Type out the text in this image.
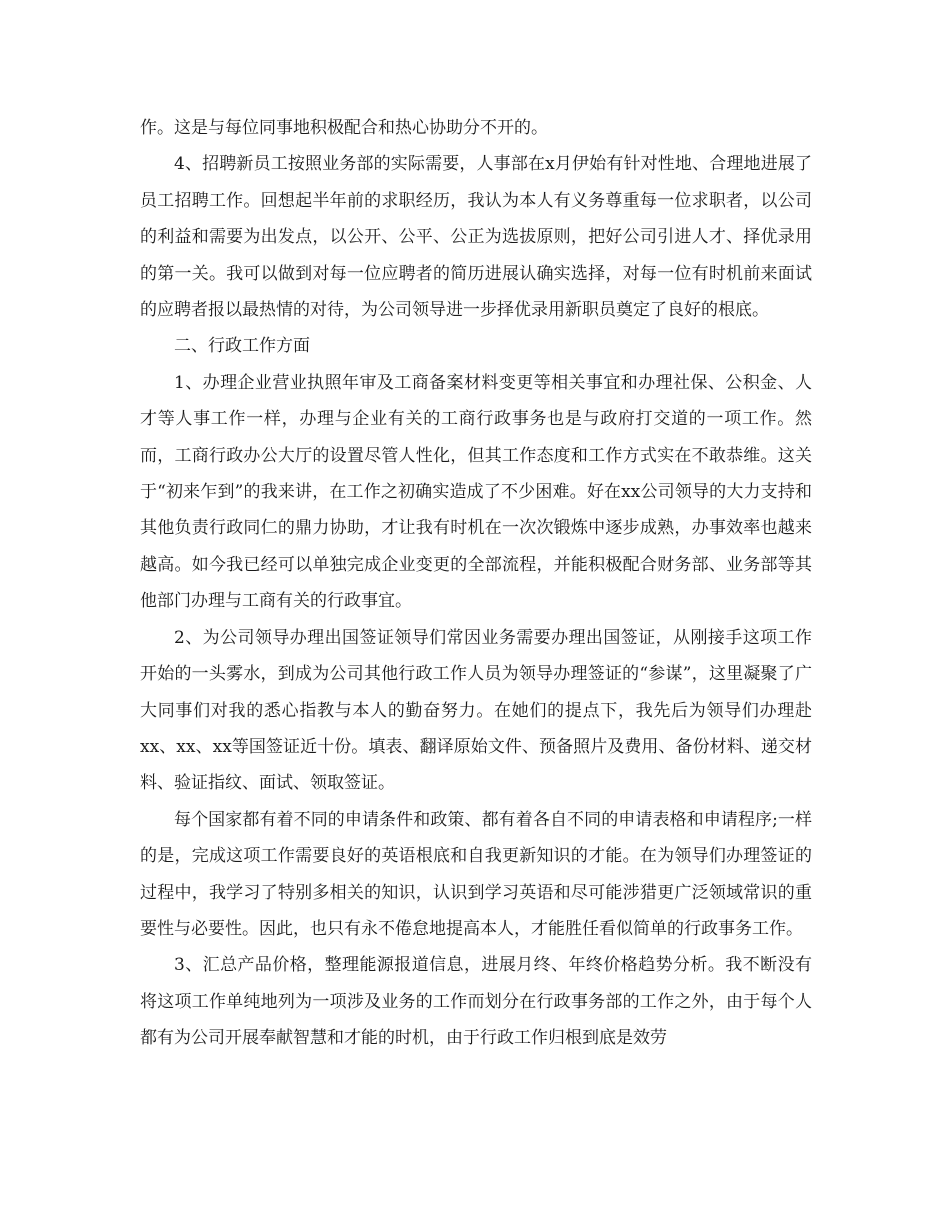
作。这是与每位同事地积极配合和热心协助分不开的。

4、招聘新员工按照业务部的实际需要，人事部在x月伊始有针对性地、合理地进展了员工招聘工作。回想起半年前的求职经历，我认为本人有义务尊重每一位求职者，以公司的利益和需要为出发点，以公开、公平、公正为选拔原则，把好公司引进人才、择优录用的第一关。我可以做到对每一位应聘者的简历进展认确实选择，对每一位有时机前来面试的应聘者报以最热情的对待，为公司领导进一步择优录用新职员奠定了良好的根底。

二、行政工作方面

1、办理企业营业执照年审及工商备案材料变更等相关事宜和办理社保、公积金、人才等人事工作一样，办理与企业有关的工商行政事务也是与政府打交道的一项工作。然而，工商行政办公大厅的设置尽管人性化，但其工作态度和工作方式实在不敢恭维。这关于“初来乍到”的我来讲，在工作之初确实造成了不少困难。好在xx公司领导的大力支持和其他负责行政同仁的鼎力协助，才让我有时机在一次次锻炼中逐步成熟，办事效率也越来越高。如今我已经可以单独完成企业变更的全部流程，并能积极配合财务部、业务部等其他部门办理与工商有关的行政事宜。

2、为公司领导办理出国签证领导们常因业务需要办理出国签证，从刚接手这项工作开始的一头雾水，到成为公司其他行政工作人员为领导办理签证的“参谋”，这里凝聚了广大同事们对我的悉心指教与本人的勤奋努力。在她们的提点下，我先后为领导们办理赴xx、xx、xx等国签证近十份。填表、翻译原始文件、预备照片及费用、备份材料、递交材料、验证指纹、面试、领取签证。

每个国家都有着不同的申请条件和政策、都有着各自不同的申请表格和申请程序;一样的是，完成这项工作需要良好的英语根底和自我更新知识的才能。在为领导们办理签证的过程中，我学习了特别多相关的知识，认识到学习英语和尽可能涉猎更广泛领域常识的重要性与必要性。因此，也只有永不倦怠地提高本人，才能胜任看似简单的行政事务工作。

3、汇总产品价格，整理能源报道信息，进展月终、年终价格趋势分析。我不断没有将这项工作单纯地列为一项涉及业务的工作而划分在行政事务部的工作之外，由于每个人都有为公司开展奉献智慧和才能的时机，由于行政工作归根到底是效劳
